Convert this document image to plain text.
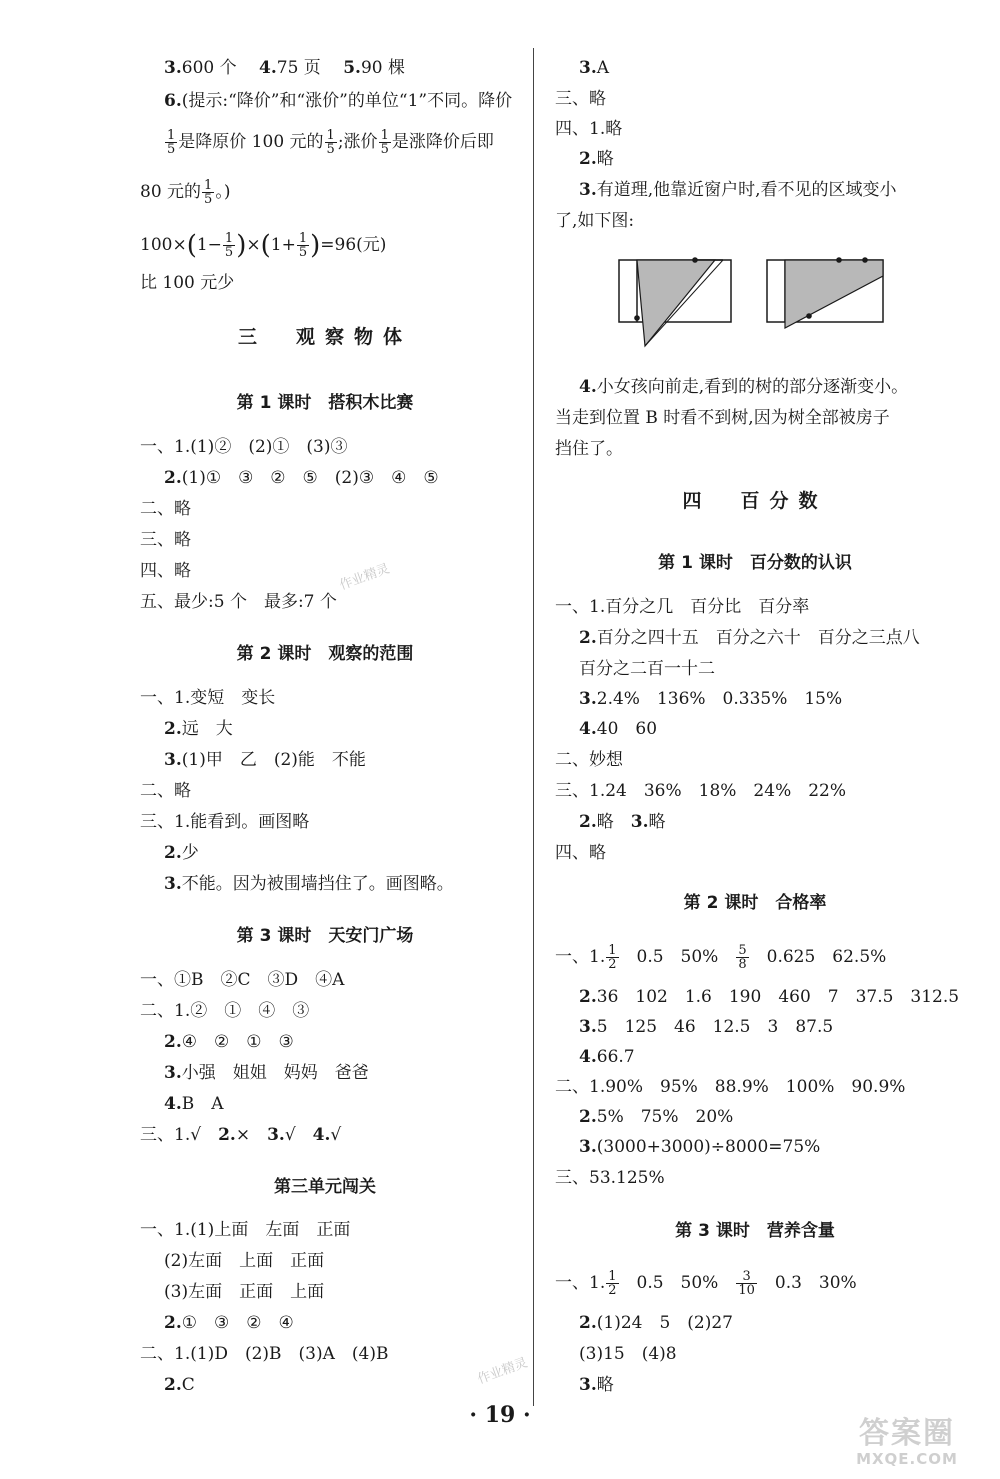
3.600 个　 4.75 页　 5.90 棵
6.(提示:“降价”和“涨价”的单位“1”不同。降价
$\frac{1}{5}$ 是降原价 100 元的 $\frac{1}{5}$ ;涨价 $\frac{1}{5}$ 是涨降价后即
80 元的 $\frac{1}{5}$ 。)
$100\times(1- \frac{1}{5} )\times(1+ \frac{1}{5} )=96$(元)
比 100 元少
三　观察物体
第 1 课时　搭积木比赛
一、1.(1)②　(2)①　(3)③
2.(1)①　③　②　⑤　(2)③　④　⑤
二、略
三、略
四、略
五、最少:5 个　最多:7 个
第 2 课时　观察的范围
一、1.变短　变长
2.远　大
3.(1)甲　乙　(2)能　不能
二、略
三、1.能看到。画图略
2.少
3.不能。因为被围墙挡住了。画图略。
第 3 课时　天安门广场
一、①B　②C　③D　④A
二、1.②　①　④　③
2.④　②　①　③
3.小强　姐姐　妈妈　爸爸
4.B　A
三、1.√　2.×　3.√　4.√
第三单元闯关
一、1.(1)上面　左面　正面
(2)左面　上面　正面
(3)左面　正面　上面
2.①　③　②　④
二、1.(1)D　(2)B　(3)A　(4)B
2.C
3.A
三、略
四、1.略
2.略
3.有道理,他靠近窗户时,看不见的区域变小
了,如下图:
4.小女孩向前走,看到的树的部分逐渐变小。
当走到位置 B 时看不到树,因为树全部被房子
挡住了。
四　百分数
第 1 课时　百分数的认识
一、1.百分之几　百分比　百分率
2.百分之四十五　百分之六十　百分之三点八
百分之二百一十二
3.2.4%　136%　0.335%　15%
4.40　60
二、妙想
三、1.24　36%　18%　24%　22%
2.略　3.略
四、略
第 2 课时　合格率
一、1. $\frac{1}{2}$ 　0.5　50%　 $\frac{5}{8}$ 　0.625　62.5%
2.36　102　1.6　190　460　7　37.5　312.5
3.5　125　46　12.5　3　87.5
4.66.7
二、1.90%　95%　88.9%　100%　90.9%
2.5%　75%　20%
3.(3000+3000)÷8000=75%
三、53.125%
第 3 课时　营养含量
一、1. $\frac{1}{2}$ 　0.5　50%　 $\frac{3}{10}$ 　0.3　30%
2.(1)24　5　(2)27
(3)15　(4)8
3.略
作业精灵
作业精灵
· 19 ·
答案圈
MXQE.COM
